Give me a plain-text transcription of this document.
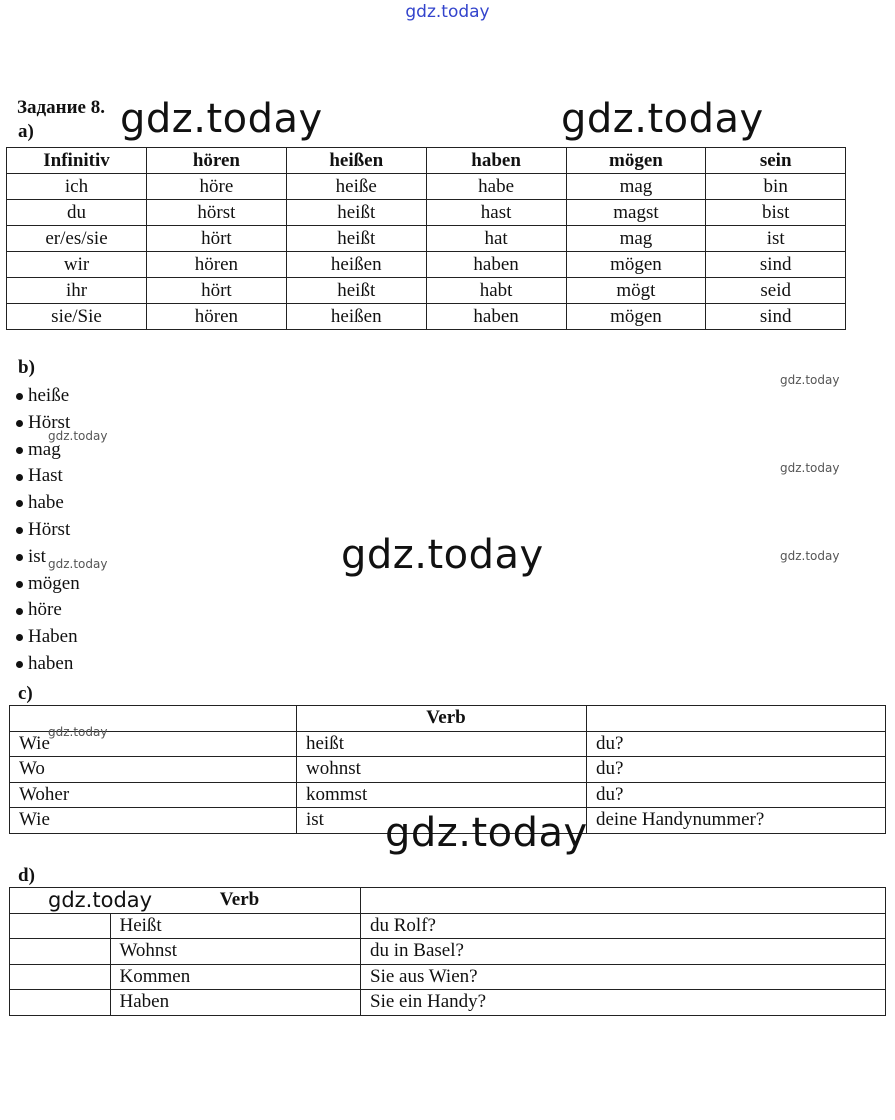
gdz.today
Задание 8.
a)
Infinitiv	hören	heißen	haben	mögen	sein
ich	höre	heiße	habe	mag	bin
du	hörst	heißt	hast	magst	bist
er/es/sie	hört	heißt	hat	mag	ist
wir	hören	heißen	haben	mögen	sind
ihr	hört	heißt	habt	mögt	seid
sie/Sie	hören	heißen	haben	mögen	sind
b)
heiße
Hörst
mag
Hast
habe
Hörst
ist
mögen
höre
Haben
haben
c)
	Verb	
Wie	heißt	du?
Wo	wohnst	du?
Woher	kommst	du?
Wie	ist	deine Handynummer?
d)
	Verb	
	Heißt	du Rolf?
	Wohnst	du in Basel?
	Kommen	Sie aus Wien?
	Haben	Sie ein Handy?
gdz.today	gdz.today
gdz.today
gdz.today
gdz.today
gdz.today
gdz.today
gdz.today
gdz.today
gdz.today
gdz.today
